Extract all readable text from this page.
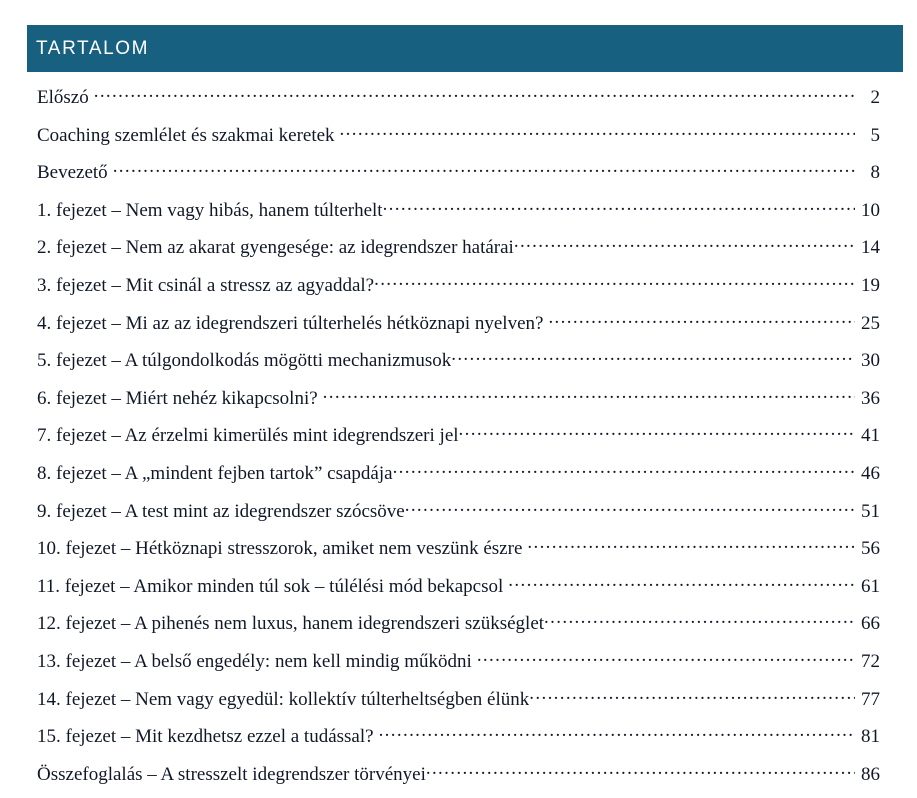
TARTALOM
Előszó .....	2
Coaching szemlélet és szakmai keretek .....	5
Bevezető .....	8
1. fejezet – Nem vagy hibás, hanem túlterhelt .....	10
2. fejezet – Nem az akarat gyengesége: az idegrendszer határai .....	14
3. fejezet – Mit csinál a stressz az agyaddal? .....	19
4. fejezet – Mi az az idegrendszeri túlterhelés hétköznapi nyelven? .....	25
5. fejezet – A túlgondolkodás mögötti mechanizmusok .....	30
6. fejezet – Miért nehéz kikapcsolni? .....	36
7. fejezet – Az érzelmi kimerülés mint idegrendszeri jel .....	41
8. fejezet – A „mindent fejben tartok” csapdája .....	46
9. fejezet – A test mint az idegrendszer szócsöve .....	51
10. fejezet – Hétköznapi stresszorok, amiket nem veszünk észre .....	56
11. fejezet – Amikor minden túl sok – túlélési mód bekapcsol .....	61
12. fejezet – A pihenés nem luxus, hanem idegrendszeri szükséglet .....	66
13. fejezet – A belső engedély: nem kell mindig működni .....	72
14. fejezet – Nem vagy egyedül: kollektív túlterheltségben élünk .....	77
15. fejezet – Mit kezdhetsz ezzel a tudással? .....	81
Összefoglalás – A stresszelt idegrendszer törvényei .....	86
